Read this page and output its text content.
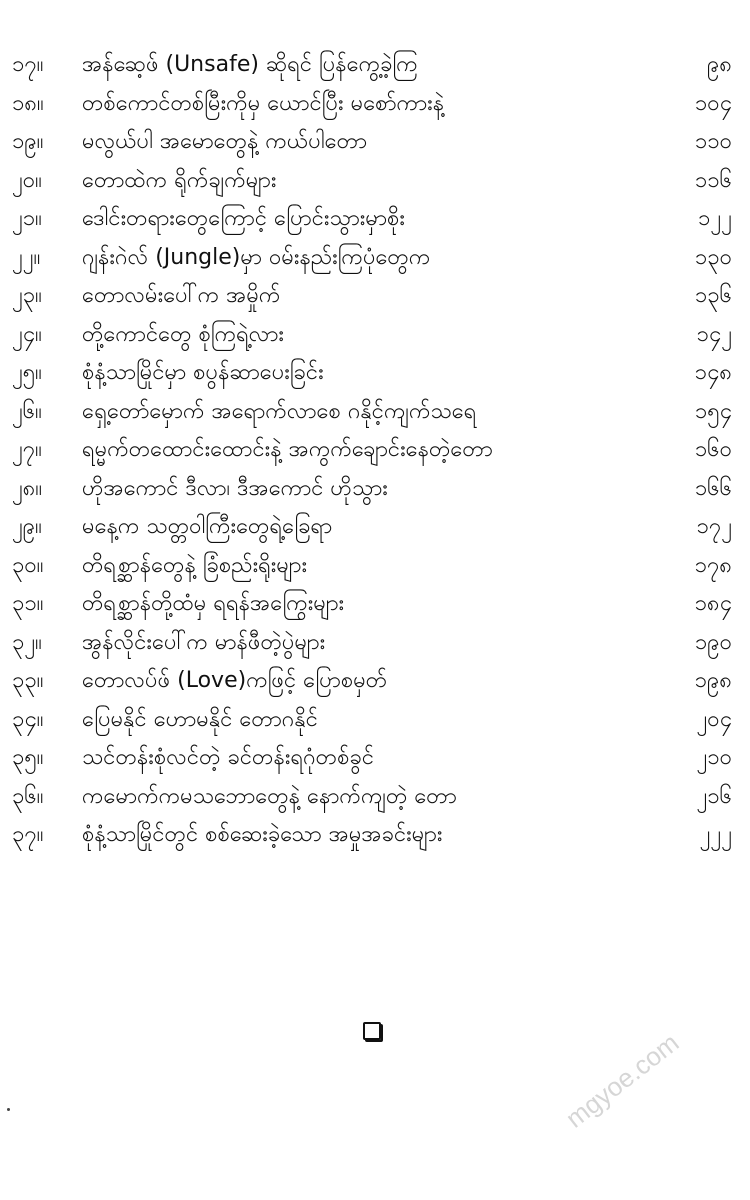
၁၇။	အန်ဆေ့ဖ် (Unsafe) ဆိုရင် ပြန်ကွေ့ခဲ့ကြ	၉၈
၁၈။	တစ်ကောင်တစ်မြီးကိုမှ ယောင်ပြီး မစော်ကားနဲ့	၁၀၄
၁၉။	မလွယ်ပါ အမောတွေနဲ့ ကယ်ပါတော	၁၁၀
၂၀။	တောထဲက ရိုက်ချက်များ	၁၁၆
၂၁။	ဒေါင်းတရားတွေကြောင့် ပြောင်းသွားမှာစိုး	၁၂၂
၂၂။	ဂျန်းဂဲလ် (Jungle)မှာ ဝမ်းနည်းကြပုံတွေက	၁၃၀
၂၃။	တောလမ်းပေါ်က အမှိုက်	၁၃၆
၂၄။	တို့ကောင်တွေ စုံကြရဲ့လား	၁၄၂
၂၅။	စုံနံ့သာမြိုင်မှာ စပွန်ဆာပေးခြင်း	၁၄၈
၂၆။	ရှေ့တော်မှောက် အရောက်လာစေ ဂနိုင့်ကျက်သရေ	၁၅၄
၂၇။	ရမ္မက်တထောင်းထောင်းနဲ့ အကွက်ချောင်းနေတဲ့တော	၁၆၀
၂၈။	ဟိုအကောင် ဒီလာ၊ ဒီအကောင် ဟိုသွား	၁၆၆
၂၉။	မနေ့က သတ္တဝါကြီးတွေရဲ့ခြေရာ	၁၇၂
၃၀။	တိရစ္ဆာန်တွေနဲ့ ခြံစည်းရိုးများ	၁၇၈
၃၁။	တိရစ္ဆာန်တို့ထံမှ ရရန်အကြွေးများ	၁၈၄
၃၂။	အွန်လိုင်းပေါ်က မာန်ဖီတဲ့ပွဲများ	၁၉၀
၃၃။	တောလပ်ဖ် (Love)ကဖြင့် ပြောစမှတ်	၁၉၈
၃၄။	ပြေမနိုင် ဟောမနိုင် တောဂနိုင်	၂၀၄
၃၅။	သင်တန်းစုံလင်တဲ့ ခင်တန်းရဂုံတစ်ခွင်	၂၁၀
၃၆။	ကမောက်ကမသဘောတွေနဲ့ နောက်ကျတဲ့ တော	၂၁၆
၃၇။	စုံနံ့သာမြိုင်တွင် စစ်ဆေးခဲ့သော အမှုအခင်းများ	၂၂၂
mgyoe.com
